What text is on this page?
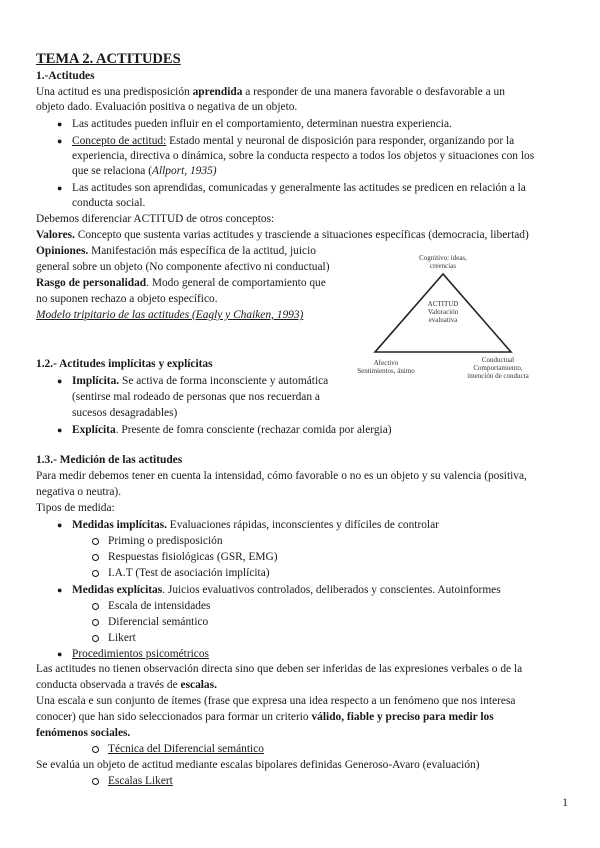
TEMA 2. ACTITUDES
1.-Actitudes
Una actitud es una predisposición aprendida a responder de una manera favorable o desfavorable a un
objeto dado. Evaluación positiva o negativa de un objeto.
● Las actitudes pueden influir en el comportamiento, determinan nuestra experiencia.
● Concepto de actitud: Estado mental y neuronal de disposición para responder, organizando por la
experiencia, directiva o dinámica, sobre la conducta respecto a todos los objetos y situaciones con los
que se relaciona (Allport, 1935)
● Las actitudes son aprendidas, comunicadas y generalmente las actitudes se predicen en relación a la
conducta social.
Debemos diferenciar ACTITUD de otros conceptos:
Valores. Concepto que sustenta varias actitudes y trasciende a situaciones específicas (democracia, libertad)
Opiniones. Manifestación más específica de la actitud, juicio
general sobre un objeto (No componente afectivo ni conductual)
Rasgo de personalidad. Modo general de comportamiento que
no suponen rechazo a objeto específico.
Modelo tripitario de las actitudes (Eagly y Chaiken, 1993)
Cognitivo: ideas,
creencias
ACTITUD
Valoración
evaluativa
Afectivo
Sentimientos, ánimo
Conductual
Comportamiento,
intención de conducta
1.2.- Actitudes implícitas y explícitas
● Implícita. Se activa de forma inconsciente y automática
(sentirse mal rodeado de personas que nos recuerdan a
sucesos desagradables)
● Explícita. Presente de fomra consciente (rechazar comida por alergia)
1.3.- Medición de las actitudes
Para medir debemos tener en cuenta la intensidad, cómo favorable o no es un objeto y su valencia (positiva,
negativa o neutra).
Tipos de medida:
● Medidas implícitas. Evaluaciones rápidas, inconscientes y difíciles de controlar
Priming o predisposición
Respuestas fisiológicas (GSR, EMG)
I.A.T (Test de asociación implícita)
● Medidas explícitas. Juicios evaluativos controlados, deliberados y conscientes. Autoinformes
Escala de intensidades
Diferencial semántico
Likert
● Procedimientos psicométricos
Las actitudes no tienen observación directa sino que deben ser inferidas de las expresiones verbales o de la
conducta observada a través de escalas.
Una escala e sun conjunto de ítemes (frase que expresa una idea respecto a un fenómeno que nos interesa
conocer) que han sido seleccionados para formar un criterio válido, fiable y preciso para medir los
fenómenos sociales.
Técnica del Diferencial semántico
Se evalúa un objeto de actitud mediante escalas bipolares definidas Generoso-Avaro (evaluación)
Escalas Likert
1
